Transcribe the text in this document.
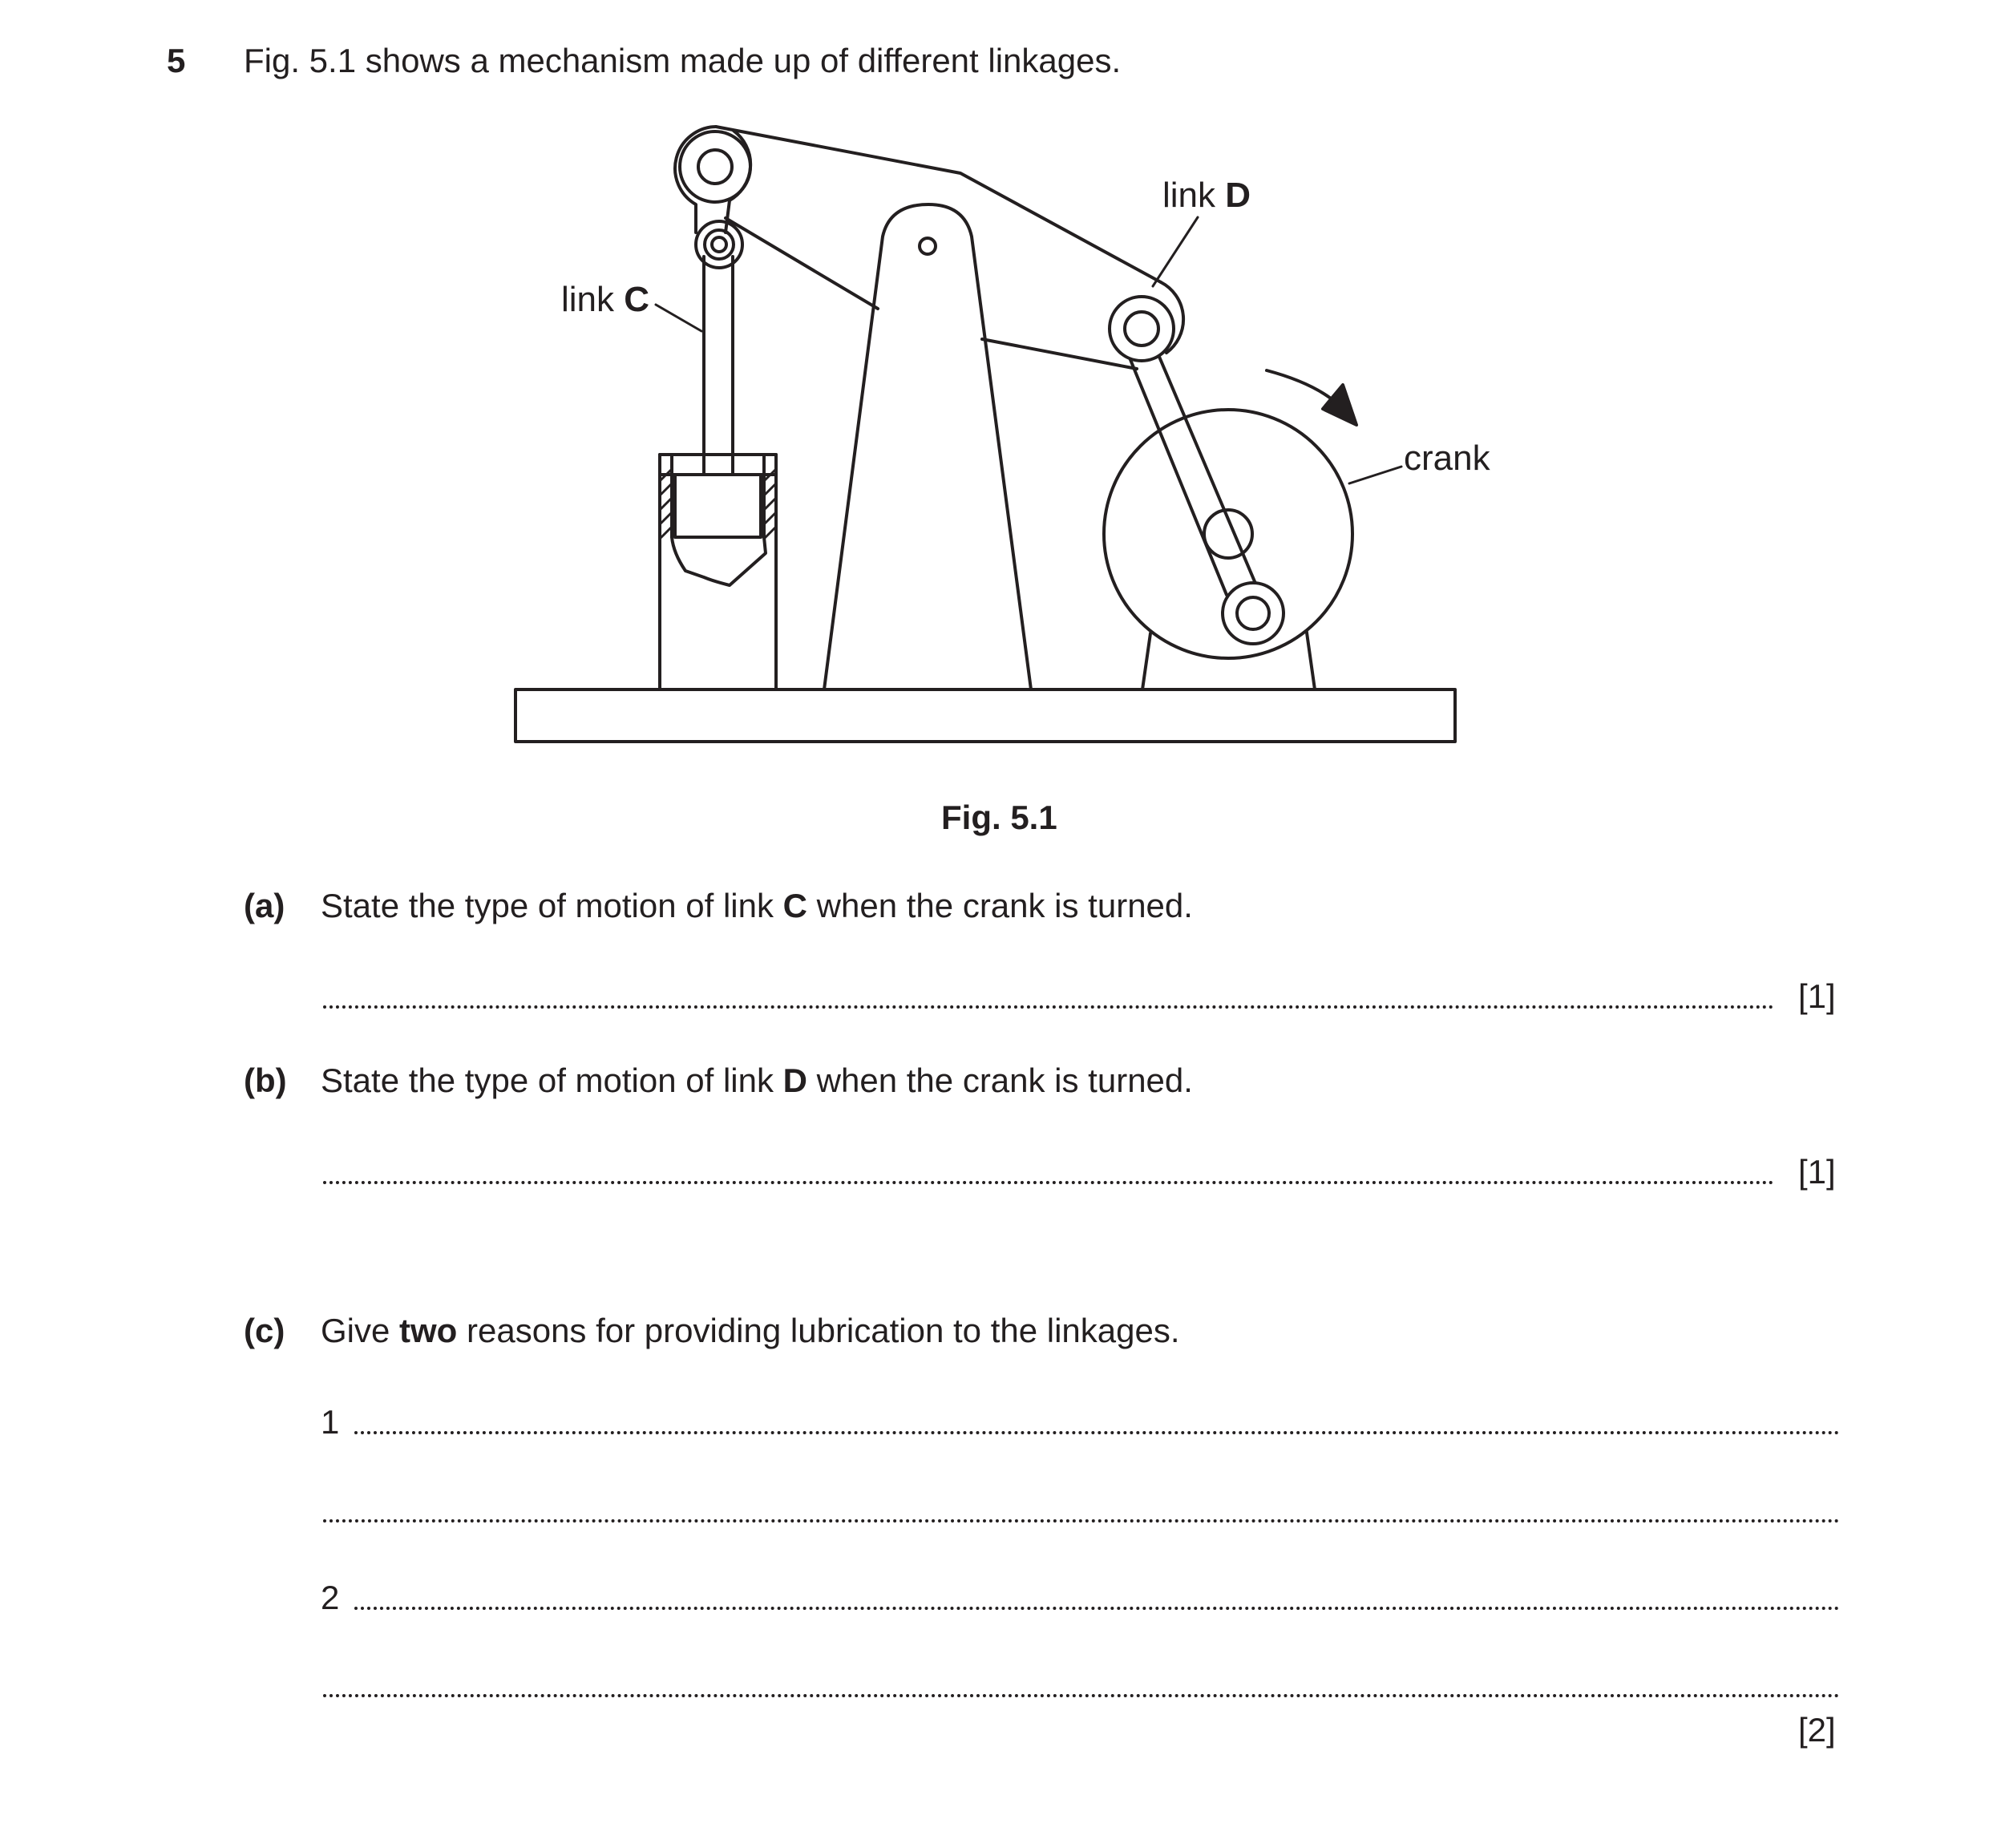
5 Fig. 5.1 shows a mechanism made up of different linkages.
link C
link D
crank
Fig. 5.1
(a) State the type of motion of link C when the crank is turned.
[1]
(b) State the type of motion of link D when the crank is turned.
[1]
(c) Give two reasons for providing lubrication to the linkages.
1
2
[2]
